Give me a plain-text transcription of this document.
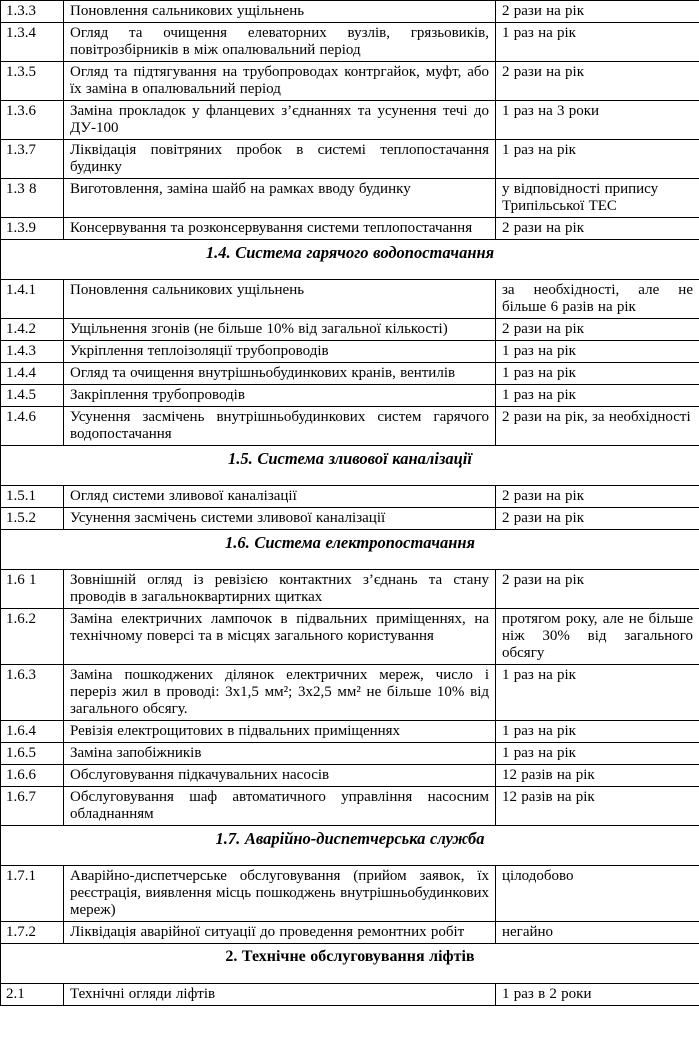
1.3.3	Поновлення сальникових ущільнень	2 рази на рік
1.3.4	Огляд та очищення елеваторних вузлів, грязьовиків, повітрозбірників в між опалювальний період	1 раз на рік
1.3.5	Огляд та підтягування на трубопроводах контргайок, муфт, або їх заміна в опалювальний період	2 рази на рік
1.3.6	Заміна прокладок у фланцевих з’єднаннях та усунення течі до ДУ-100	1 раз на 3 роки
1.3.7	Ліквідація повітряних пробок в системі теплопостачання будинку	1 раз на рік
1.3 8	Виготовлення, заміна шайб на рамках вводу будинку	у відповідності припису Трипільської ТЕС
1.3.9	Консервування та розконсервування системи теплопостачання	2 рази на рік
1.4. Система гарячого водопостачання		
1.4.1	Поновлення сальникових ущільнень	за необхідності, але не більше 6 разів на рік
1.4.2	Ущільнення згонів (не більше 10% від загальної кількості)	2 рази на рік
1.4.3	Укріплення теплоізоляції трубопроводів	1 раз на рік
1.4.4	Огляд та очищення внутрішньобудинкових кранів, вентилів	1 раз на рік
1.4.5	Закріплення трубопроводів	1 раз на рік
1.4.6	Усунення засмічень внутрішньобудинкових систем гарячого водопостачання	2 рази на рік, за необхідності
1.5. Система зливової каналізації		
1.5.1	Огляд системи зливової каналізації	2 рази на рік
1.5.2	Усунення засмічень системи зливової каналізації	2 рази на рік
1.6. Система електропостачання		
1.6 1	Зовнішній огляд із ревізією контактних з’єднань та стану проводів в загальноквартирних щитках	2 рази на рік
1.6.2	Заміна електричних лампочок в підвальних приміщеннях, на технічному поверсі та в місцях загального користування	протягом року, але не більше ніж 30% від загального обсягу
1.6.3	Заміна пошкоджених ділянок електричних мереж, число і переріз жил в проводі: 3х1,5 мм²; 3х2,5 мм² не більше 10% від загального обсягу.	1 раз на рік
1.6.4	Ревізія електрощитових в підвальних приміщеннях	1 раз на рік
1.6.5	Заміна запобіжників	1 раз на рік
1.6.6	Обслуговування підкачувальних насосів	12 разів на рік
1.6.7	Обслуговування шаф автоматичного управління насосним обладнанням	12 разів на рік
1.7. Аварійно-диспетчерська служба		
1.7.1	Аварійно-диспетчерське обслуговування (прийом заявок, їх реєстрація, виявлення місць пошкоджень внутрішньобудинкових мереж)	цілодобово
1.7.2	Ліквідація аварійної ситуації до проведення ремонтних робіт	негайно
2. Технічне обслуговування ліфтів		
2.1	Технічні огляди ліфтів	1 раз в 2 роки
